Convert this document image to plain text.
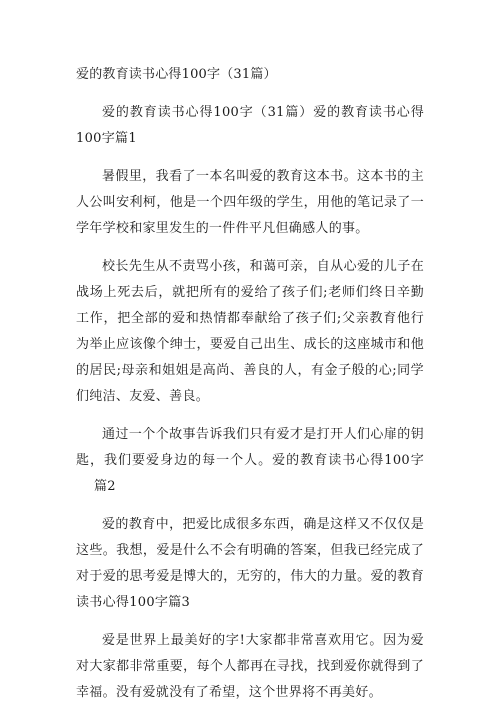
爱的教育读书心得100字（31篇）

爱的教育读书心得100字（31篇）爱的教育读书心得100字篇1

暑假里，我看了一本名叫爱的教育这本书。这本书的主人公叫安利柯，他是一个四年级的学生，用他的笔记录了一学年学校和家里发生的一件件平凡但确感人的事。

校长先生从不责骂小孩，和蔼可亲，自从心爱的儿子在战场上死去后，就把所有的爱给了孩子们;老师们终日辛勤工作，把全部的爱和热情都奉献给了孩子们;父亲教育他行为举止应该像个绅士，要爱自己出生、成长的这座城市和他的居民;母亲和姐姐是高尚、善良的人，有金子般的心;同学们纯洁、友爱、善良。

通过一个个故事告诉我们只有爱才是打开人们心扉的钥匙，我们要爱身边的每一个人。爱的教育读书心得100字篇2

爱的教育中，把爱比成很多东西，确是这样又不仅仅是这些。我想，爱是什么不会有明确的答案，但我已经完成了对于爱的思考爱是博大的，无穷的，伟大的力量。爱的教育读书心得100字篇3

爱是世界上最美好的字!大家都非常喜欢用它。因为爱对大家都非常重要，每个人都再在寻找，找到爱你就得到了幸福。没有爱就没有了希望，这个世界将不再美好。
